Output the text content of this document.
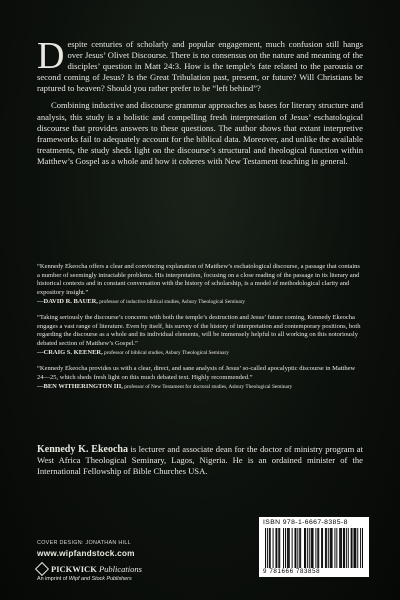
Despite centuries of scholarly and popular engagement, much confusion still hangs over Jesus’ Olivet Discourse. There is no consensus on the nature and meaning of the disciples’ question in Matt 24:3. How is the temple’s fate related to the parousia or second coming of Jesus? Is the Great Tribulation past, present, or future? Will Christians be raptured to heaven? Should you rather prefer to be “left behind”?

Combining inductive and discourse grammar approaches as bases for literary structure and analysis, this study is a holistic and compelling fresh interpretation of Jesus’ eschatological discourse that provides answers to these questions. The author shows that extant interpretive frameworks fail to adequately account for the biblical data. Moreover, and unlike the available treatments, the study sheds light on the discourse’s structural and theological function within Matthew’s Gospel as a whole and how it coheres with New Testament teaching in general.

“Kennedy Ekeocha offers a clear and convincing explanation of Matthew’s eschatological discourse, a passage that contains a number of seemingly intractable problems. His interpretation, focusing on a close reading of the passage in its literary and historical contexts and in constant conversation with the history of scholarship, is a model of methodological clarity and expository insight.”
—DAVID R. BAUER, professor of inductive biblical studies, Asbury Theological Seminary
“Taking seriously the discourse’s concerns with both the temple’s destruction and Jesus’ future coming, Kennedy Ekeocha engages a vast range of literature. Even by itself, his survey of the history of interpretation and contemporary positions, both regarding the discourse as a whole and its individual elements, will be immensely helpful to all working on this notoriously debated section of Matthew’s Gospel.”
—CRAIG S. KEENER, professor of biblical studies, Asbury Theological Seminary
“Kennedy Ekeocha provides us with a clear, direct, and sane analysis of Jesus’ so-called apocalyptic discourse in Matthew 24—25, which sheds fresh light on this much debated text. Highly recommended.”
—BEN WITHERINGTON III, professor of New Testament for doctoral studies, Asbury Theological Seminary
Kennedy K. Ekeocha is lecturer and associate dean for the doctor of ministry program at West Africa Theological Seminary, Lagos, Nigeria. He is an ordained minister of the International Fellowship of Bible Churches USA.
COVER DESIGN: JONATHAN HILL
www.wipfandstock.com
PICKWICK Publications
An imprint of Wipf and Stock Publishers
ISBN 978-1-6667-8385-8
9 781666 783858
